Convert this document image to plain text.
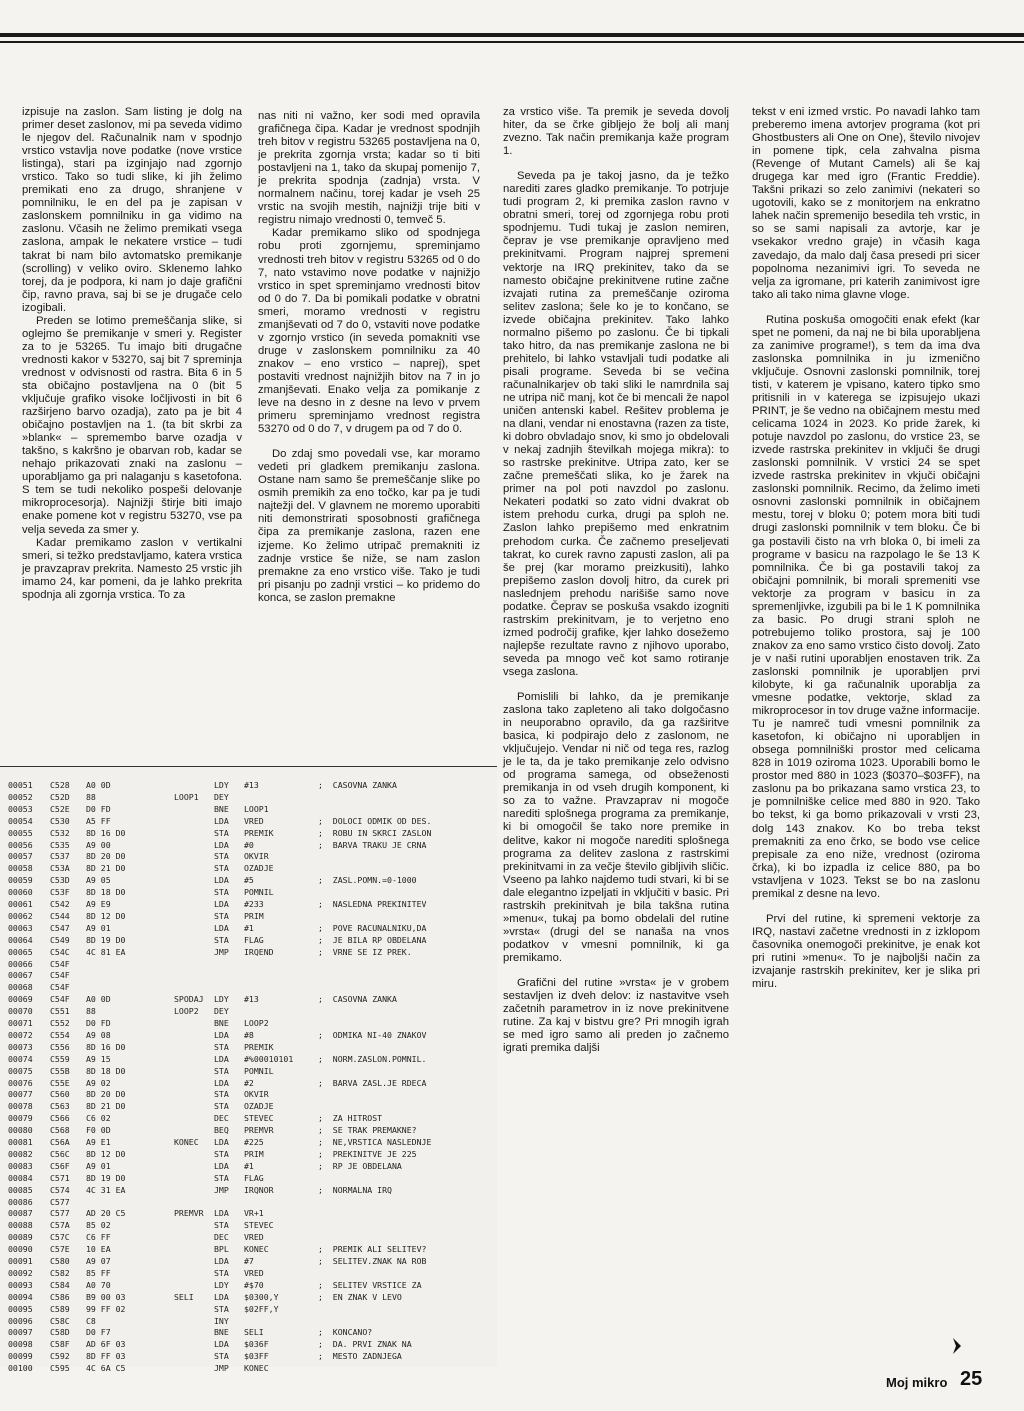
izpisuje na zaslon. Sam listing je dolg na primer deset zaslonov, mi pa seveda vidimo le njegov del. Računalnik nam v spodnjo vrstico vstavlja nove podatke (nove vrstice listinga), stari pa izginjajo nad zgornjo vrstico. Tako so tudi slike, ki jih želimo premikati eno za drugo, shranjene v pomnilniku, le en del pa je zapisan v zaslonskem pomnilniku in ga vidimo na zaslonu. Včasih ne želimo premikati vsega zaslona, ampak le nekatere vrstice – tudi takrat bi nam bilo avtomatsko premikanje (scrolling) v veliko oviro. Sklenemo lahko torej, da je podpora, ki nam jo daje grafični čip, ravno prava, saj bi se je drugače celo izogibali.

Preden se lotimo premeščanja slike, si oglejmo še premikanje v smeri y. Register za to je 53265. Tu imajo biti drugačne vrednosti kakor v 53270, saj bit 7 spreminja vrednost v odvisnosti od rastra. Bita 6 in 5 sta običajno postavljena na 0 (bit 5 vključuje grafiko visoke ločljivosti in bit 6 razširjeno barvo ozadja), zato pa je bit 4 običajno postavljen na 1. (ta bit skrbi za »blank« – spremembo barve ozadja v takšno, s kakršno je obarvan rob, kadar se nehajo prikazovati znaki na zaslonu – uporabljamo ga pri nalaganju s kasetofona. S tem se tudi nekoliko pospeši delovanje mikroprocesorja). Najnižji štirje biti imajo enake pomene kot v registru 53270, vse pa velja seveda za smer y.

Kadar premikamo zaslon v vertikalni smeri, si težko predstavljamo, katera vrstica je pravzaprav prekrita. Namesto 25 vrstic jih imamo 24, kar pomeni, da je lahko prekrita spodnja ali zgornja vrstica. To za

nas niti ni važno, ker sodi med opravila grafičnega čipa. Kadar je vrednost spodnjih treh bitov v registru 53265 postavljena na 0, je prekrita zgornja vrsta; kadar so ti biti postavljeni na 1, tako da skupaj pomenijo 7, je prekrita spodnja (zadnja) vrsta. V normalnem načinu, torej kadar je vseh 25 vrstic na svojih mestih, najnižji trije biti v registru nimajo vrednosti 0, temveč 5.

Kadar premikamo sliko od spodnjega robu proti zgornjemu, spreminjamo vrednosti treh bitov v registru 53265 od 0 do 7, nato vstavimo nove podatke v najnižjo vrstico in spet spreminjamo vrednosti bitov od 0 do 7. Da bi pomikali podatke v obratni smeri, moramo vrednosti v registru zmanjševati od 7 do 0, vstaviti nove podatke v zgornjo vrstico (in seveda pomakniti vse druge v zaslonskem pomnilniku za 40 znakov – eno vrstico – naprej), spet postaviti vrednost najnižjih bitov na 7 in jo zmanjševati. Enako velja za pomikanje z leve na desno in z desne na levo v prvem primeru spreminjamo vrednost registra 53270 od 0 do 7, v drugem pa od 7 do 0.

Do zdaj smo povedali vse, kar moramo vedeti pri gladkem premikanju zaslona. Ostane nam samo še premeščanje slike po osmih premikih za eno točko, kar pa je tudi najtežji del. V glavnem ne moremo uporabiti niti demonstrirati sposobnosti grafičnega čipa za premikanje zaslona, razen ene izjeme. Ko želimo utripač premakniti iz zadnje vrstice še niže, se nam zaslon premakne za eno vrstico više. Tako je tudi pri pisanju po zadnji vrstici – ko pridemo do konca, se zaslon premakne

za vrstico više. Ta premik je seveda dovolj hiter, da se črke gibljejo že bolj ali manj zvezno. Tak način premikanja kaže program 1.

Seveda pa je takoj jasno, da je težko narediti zares gladko premikanje. To potrjuje tudi program 2, ki premika zaslon ravno v obratni smeri, torej od zgornjega robu proti spodnjemu. Tudi tukaj je zaslon nemiren, čeprav je vse premikanje opravljeno med prekinitvami. Program najprej spremeni vektorje na IRQ prekinitev, tako da se namesto običajne prekinitvene rutine začne izvajati rutina za premeščanje oziroma selitev zaslona; šele ko je to končano, se izvede običajna prekinitev. Tako lahko normalno pišemo po zaslonu. Če bi tipkali tako hitro, da nas premikanje zaslona ne bi prehitelo, bi lahko vstavljali tudi podatke ali pisali programe. Seveda bi se večina računalnikarjev ob taki sliki le namrdnila saj ne utripa nič manj, kot če bi mencali že napol uničen antenski kabel. Rešitev problema je na dlani, vendar ni enostavna (razen za tiste, ki dobro obvladajo snov, ki smo jo obdelovali v nekaj zadnjih številkah mojega mikra): to so rastrske prekinitve. Utripa zato, ker se začne premeščati slika, ko je žarek na primer na pol poti navzdol po zaslonu. Nekateri podatki so zato vidni dvakrat ob istem prehodu curka, drugi pa sploh ne. Zaslon lahko prepišemo med enkratnim prehodom curka. Če začnemo preseljevati takrat, ko curek ravno zapusti zaslon, ali pa še prej (kar moramo preizkusiti), lahko prepišemo zaslon dovolj hitro, da curek pri naslednjem prehodu narišiše samo nove podatke. Čeprav se poskuša vsakdo izogniti rastrskim prekinitvam, je to verjetno eno izmed področij grafike, kjer lahko dosežemo najlepše rezultate ravno z njihovo uporabo, seveda pa mnogo več kot samo rotiranje vsega zaslona.

Pomislili bi lahko, da je premikanje zaslona tako zapleteno ali tako dolgočasno in neuporabno opravilo, da ga razširitve basica, ki podpirajo delo z zaslonom, ne vključujejo. Vendar ni nič od tega res, razlog je le ta, da je tako premikanje zelo odvisno od programa samega, od obseženosti premikanja in od vseh drugih komponent, ki so za to važne. Pravzaprav ni mogoče narediti splošnega programa za premikanje, ki bi omogočil še tako nore premike in delitve, kakor ni mogoče narediti splošnega programa za delitev zaslona z rastrskimi prekinitvami in za večje število gibljivih sličic. Vseeno pa lahko najdemo tudi stvari, ki bi se dale elegantno izpeljati in vključiti v basic. Pri rastrskih prekinitvah je bila takšna rutina »menu«, tukaj pa bomo obdelali del rutine »vrsta« (drugi del se nanaša na vnos podatkov v vmesni pomnilnik, ki ga premikamo.

Grafični del rutine »vrsta« je v grobem sestavljen iz dveh delov: iz nastavitve vseh začetnih parametrov in iz nove prekinitvene rutine. Za kaj v bistvu gre? Pri mnogih igrah se med igro samo ali preden jo začnemo igrati premika daljši

tekst v eni izmed vrstic. Po navadi lahko tam preberemo imena avtorjev programa (kot pri Ghostbusters ali One on One), število nivojev in pomene tipk, cela zahvalna pisma (Revenge of Mutant Camels) ali še kaj drugega kar med igro (Frantic Freddie). Takšni prikazi so zelo zanimivi (nekateri so ugotovili, kako se z monitorjem na enkratno lahek način spremenijo besedila teh vrstic, in so se sami napisali za avtorje, kar je vsekakor vredno graje) in včasih kaga zavedajo, da malo dalj časa presedi pri sicer popolnoma nezanimivi igri. To seveda ne velja za igromane, pri katerih zanimivost igre tako ali tako nima glavne vloge.

Rutina poskuša omogočiti enak efekt (kar spet ne pomeni, da naj ne bi bila uporabljena za zanimive programe!), s tem da ima dva zaslonska pomnilnika in ju izmenično vključuje. Osnovni zaslonski pomnilnik, torej tisti, v katerem je vpisano, katero tipko smo pritisnili in v katerega se izpisujejo ukazi PRINT, je še vedno na običajnem mestu med celicama 1024 in 2023. Ko pride žarek, ki potuje navzdol po zaslonu, do vrstice 23, se izvede rastrska prekinitev in vključi še drugi zaslonski pomnilnik. V vrstici 24 se spet izvede rastrska prekinitev in vkjuči običajni zaslonski pomnilnik. Recimo, da želimo imeti osnovni zaslonski pomnilnik in običajnem mestu, torej v bloku 0; potem mora biti tudi drugi zaslonski pomnilnik v tem bloku. Če bi ga postavili čisto na vrh bloka 0, bi imeli za programe v basicu na razpolago le še 13 K pomnilnika. Če bi ga postavili takoj za običajni pomnilnik, bi morali spremeniti vse vektorje za program v basicu in za spremenljivke, izgubili pa bi le 1 K pomnilnika za basic. Po drugi strani sploh ne potrebujemo toliko prostora, saj je 100 znakov za eno samo vrstico čisto dovolj. Zato je v naši rutini uporabljen enostaven trik. Za zaslonski pomnilnik je uporabljen prvi kilobyte, ki ga računalnik uporablja za vmesne podatke, vektorje, sklad za mikroprocesor in tov druge važne informacije. Tu je namreč tudi vmesni pomnilnik za kasetofon, ki običajno ni uporabljen in obsega pomnilniški prostor med celicama 828 in 1019 oziroma 1023. Uporabili bomo le prostor med 880 in 1023 ($0370–$03FF), na zaslonu pa bo prikazana samo vrstica 23, to je pomnilniške celice med 880 in 920. Tako bo tekst, ki ga bomo prikazovali v vrsti 23, dolg 143 znakov. Ko bo treba tekst premakniti za eno črko, se bodo vse celice prepisale za eno niže, vrednost (oziroma črka), ki bo izpadla iz celice 880, pa bo vstavljena v 1023. Tekst se bo na zaslonu premikal z desne na levo.

Prvi del rutine, ki spremeni vektorje za IRQ, nastavi začetne vrednosti in z izklopom časovnika onemogoči prekinitve, je enak kot pri rutini »menu«. To je najboljši način za izvajanje rastrskih prekinitev, ker je slika pri miru.

00051 C528 A0 0D	LDY #13	;  CASOVNA ZANKA
00052 C52D 88	LOOP1 DEY
00053 C52E D0 FD	BNE LOOP1
00054 C530 A5 FF	LDA VRED	;  DOLOCI ODMIK OD DES.
00055 C532 8D 16 D0	STA PREMIK	;  ROBU IN SKRCI ZASLON
00056 C535 A9 00	LDA #0	;  BARVA TRAKU JE CRNA
00057 C537 8D 20 D0	STA OKVIR
00058 C53A 8D 21 D0	STA OZADJE
00059 C53D A9 05	LDA #5	;  ZASL.POMN.=0-1000
00060 C53F 8D 18 D0	STA POMNIL
00061 C542 A9 E9	LDA #233	;  NASLEDNA PREKINITEV
00062 C544 8D 12 D0	STA PRIM
00063 C547 A9 01	LDA #1	;  POVE RACUNALNIKU,DA
00064 C549 8D 19 D0	STA FLAG	;  JE BILA RP OBDELANA
00065 C54C 4C 81 EA	JMP IRQEND	;  VRNE SE IZ PREK.
00066 C54F
00067 C54F
00068 C54F
00069 C54F A0 0D	SPODAJ LDY #13	;  CASOVNA ZANKA
00070 C551 88	LOOP2 DEY
00071 C552 D0 FD	BNE LOOP2
00072 C554 A9 08	LDA #8	;  ODMIKA NI-40 ZNAKOV
00073 C556 8D 16 D0	STA PREMIK
00074 C559 A9 15	LDA #%00010101	;  NORM.ZASLON.POMNIL.
00075 C55B 8D 18 D0	STA POMNIL
00076 C55E A9 02	LDA #2	;  BARVA ZASL.JE RDECA
00077 C560 8D 20 D0	STA OKVIR
00078 C563 8D 21 D0	STA OZADJE
00079 C566 C6 02	DEC STEVEC	;  ZA HITROST
00080 C568 F0 0D	BEQ PREMVR	;  SE TRAK PREMAKNE?
00081 C56A A9 E1	KONEC LDA #225	;  NE,VRSTICA NASLEDNJE
00082 C56C 8D 12 D0	STA PRIM	;  PREKINITVE JE 225
00083 C56F A9 01	LDA #1	;  RP JE OBDELANA
00084 C571 8D 19 D0	STA FLAG
00085 C574 4C 31 EA	JMP IRQNOR	;  NORMALNA IRQ
00086 C577
00087 C577 AD 20 C5	PREMVR LDA VR+1
00088 C57A 85 02	STA STEVEC
00089 C57C C6 FF	DEC VRED
00090 C57E 10 EA	BPL KONEC	;  PREMIK ALI SELITEV?
00091 C580 A9 07	LDA #7	;  SELITEV.ZNAK NA ROB
00092 C582 85 FF	STA VRED
00093 C584 A0 70	LDY #$70	;  SELITEV VRSTICE ZA
00094 C586 B9 00 03	SELI LDA $0300,Y	;  EN ZNAK V LEVO
00095 C589 99 FF 02	STA $02FF,Y
00096 C58C C8	INY
00097 C58D D0 F7	BNE SELI	;  KONCANO?
00098 C58F AD 6F 03	LDA $036F	;  DA. PRVI ZNAK NA
00099 C592 8D FF 03	STA $03FF	;  MESTO ZADNJEGA
00100 C595 4C 6A C5	JMP KONEC
Moj mikro 25
